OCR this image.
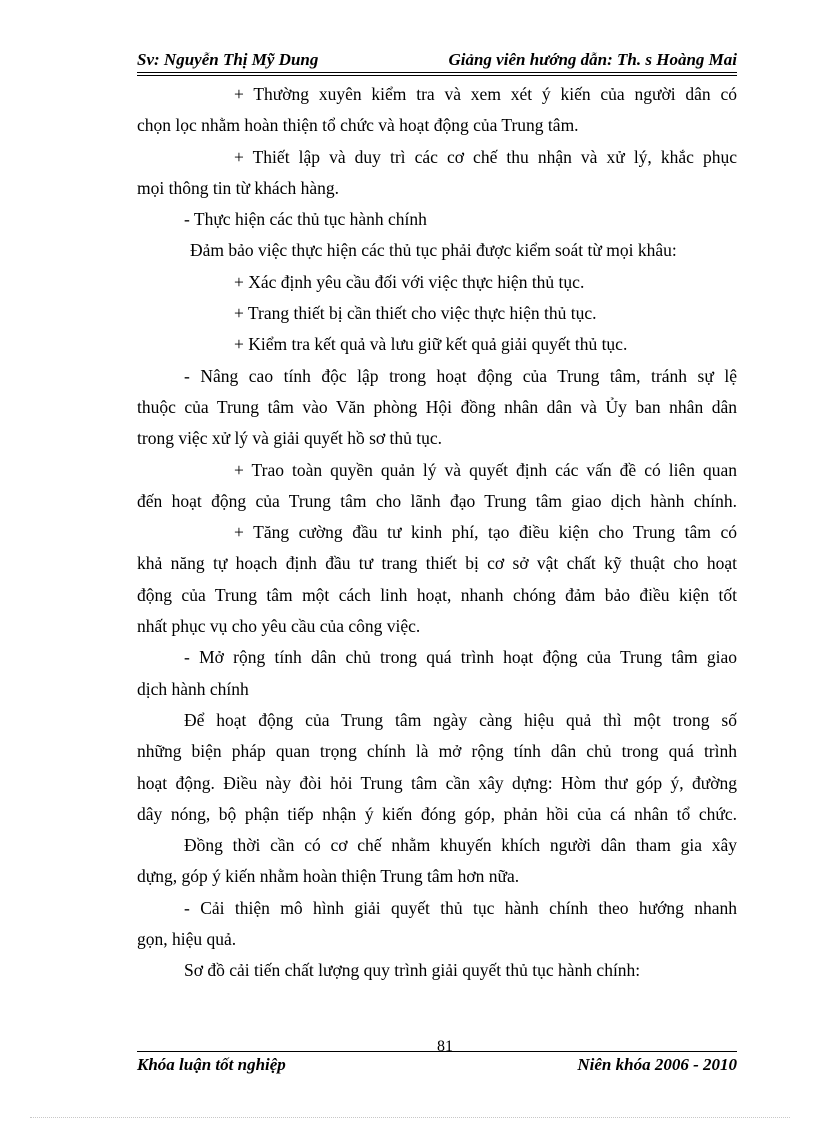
Sv: Nguyễn Thị Mỹ Dung	Giảng viên hướng dẫn: Th. s Hoàng Mai
+ Thường xuyên kiểm tra và xem xét ý kiến của người dân có
chọn lọc nhằm hoàn thiện tổ chức và hoạt động của Trung tâm.
+ Thiết lập và duy trì các cơ chế thu nhận và xử lý, khắc phục
mọi thông tin từ khách hàng.
- Thực hiện các thủ tục hành chính
Đảm bảo việc thực hiện các thủ tục phải được kiểm soát từ mọi khâu:
+ Xác định yêu cầu đối với việc thực hiện thủ tục.
+ Trang thiết bị cần thiết cho việc thực hiện thủ tục.
+ Kiểm tra kết quả và lưu giữ kết quả giải quyết thủ tục.
- Nâng cao tính độc lập trong hoạt động của Trung tâm, tránh sự lệ
thuộc của Trung tâm vào Văn phòng Hội đồng nhân dân và Ủy ban nhân dân
trong việc xử lý và giải quyết hồ sơ thủ tục.
+ Trao toàn quyền quản lý và quyết định các vấn đề có liên quan
đến hoạt động của Trung tâm cho lãnh đạo Trung tâm giao dịch hành chính.
+ Tăng cường đầu tư kinh phí, tạo điều kiện cho Trung tâm có
khả năng tự hoạch định đầu tư trang thiết bị cơ sở vật chất kỹ thuật cho hoạt
động của Trung tâm một cách linh hoạt, nhanh chóng đảm bảo điều kiện tốt
nhất phục vụ cho yêu cầu của công việc.
- Mở rộng tính dân chủ trong quá trình hoạt động của Trung tâm giao
dịch hành chính
Để hoạt động của Trung tâm ngày càng hiệu quả thì một trong số
những biện pháp quan trọng chính là mở rộng tính dân chủ trong quá trình
hoạt động. Điều này đòi hỏi Trung tâm cần xây dựng: Hòm thư góp ý, đường
dây nóng, bộ phận tiếp nhận ý kiến đóng góp, phản hồi của cá nhân tổ chức.
Đồng thời cần có cơ chế nhằm khuyến khích người dân tham gia xây
dựng, góp ý kiến nhằm hoàn thiện Trung tâm hơn nữa.
- Cải thiện mô hình giải quyết thủ tục hành chính theo hướng nhanh
gọn, hiệu quả.
Sơ đồ cải tiến chất lượng quy trình giải quyết thủ tục hành chính:
81
Khóa luận tốt nghiệp	Niên khóa 2006 - 2010
